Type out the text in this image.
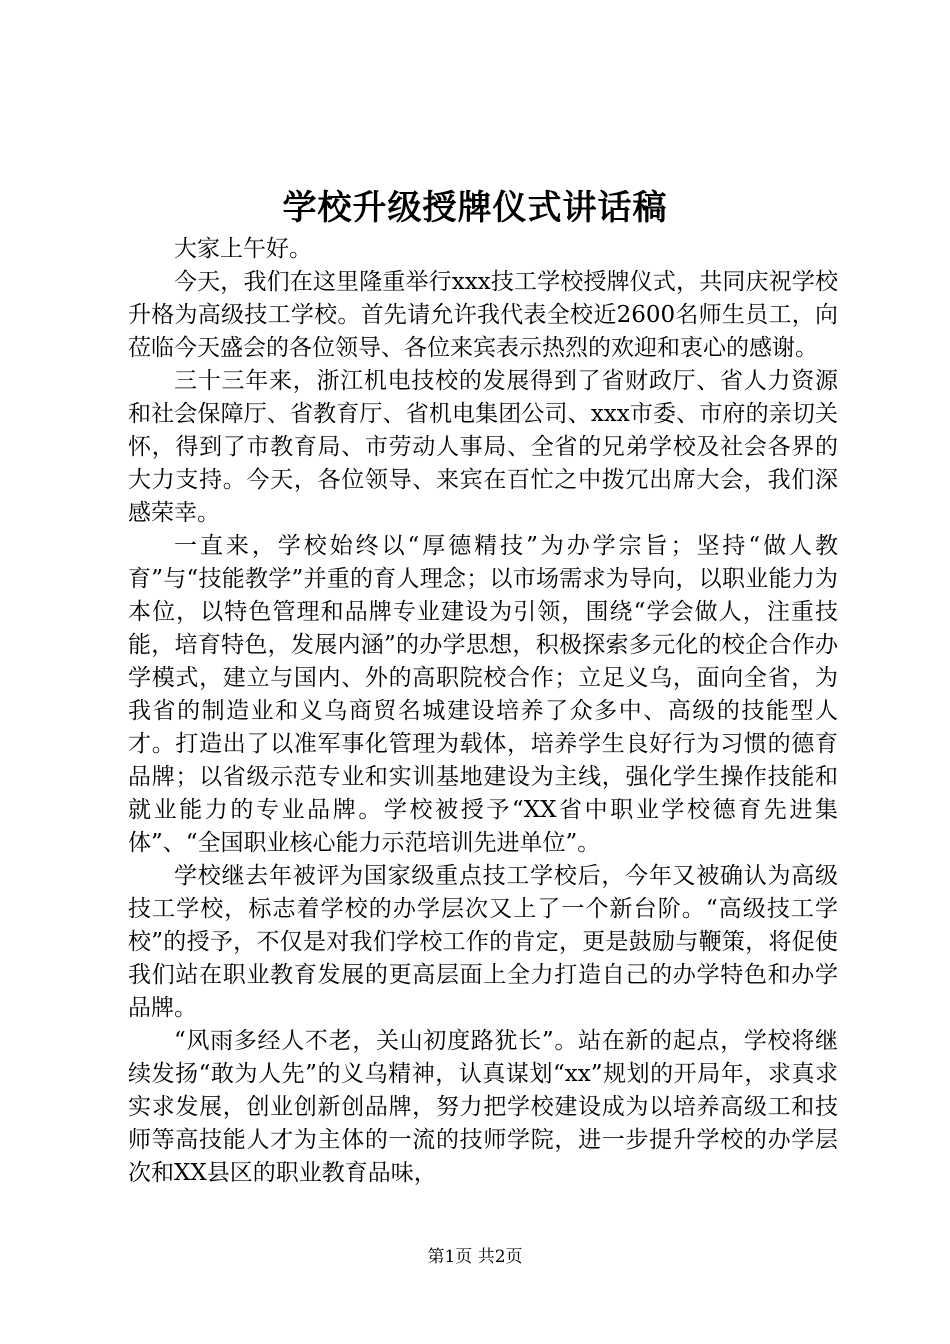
学校升级授牌仪式讲话稿

大家上午好。

今天，我们在这里隆重举行xxx技工学校授牌仪式，共同庆祝学校升格为高级技工学校。首先请允许我代表全校近2600名师生员工，向莅临今天盛会的各位领导、各位来宾表示热烈的欢迎和衷心的感谢。

三十三年来，浙江机电技校的发展得到了省财政厅、省人力资源和社会保障厅、省教育厅、省机电集团公司、xxx市委、市府的亲切关怀，得到了市教育局、市劳动人事局、全省的兄弟学校及社会各界的大力支持。今天，各位领导、来宾在百忙之中拨冗出席大会，我们深感荣幸。

一直来，学校始终以“厚德精技”为办学宗旨；坚持“做人教育”与“技能教学”并重的育人理念；以市场需求为导向，以职业能力为本位，以特色管理和品牌专业建设为引领，围绕“学会做人，注重技能，培育特色，发展内涵”的办学思想，积极探索多元化的校企合作办学模式，建立与国内、外的高职院校合作；立足义乌，面向全省，为我省的制造业和义乌商贸名城建设培养了众多中、高级的技能型人才。打造出了以准军事化管理为载体，培养学生良好行为习惯的德育品牌；以省级示范专业和实训基地建设为主线，强化学生操作技能和就业能力的专业品牌。学校被授予“XX省中职业学校德育先进集体”、“全国职业核心能力示范培训先进单位”。

学校继去年被评为国家级重点技工学校后，今年又被确认为高级技工学校，标志着学校的办学层次又上了一个新台阶。“高级技工学校”的授予，不仅是对我们学校工作的肯定，更是鼓励与鞭策，将促使我们站在职业教育发展的更高层面上全力打造自己的办学特色和办学品牌。

“风雨多经人不老，关山初度路犹长”。站在新的起点，学校将继续发扬“敢为人先”的义乌精神，认真谋划“xx”规划的开局年，求真求实求发展，创业创新创品牌，努力把学校建设成为以培养高级工和技师等高技能人才为主体的一流的技师学院，进一步提升学校的办学层次和XX县区的职业教育品味，

第1页 共2页
